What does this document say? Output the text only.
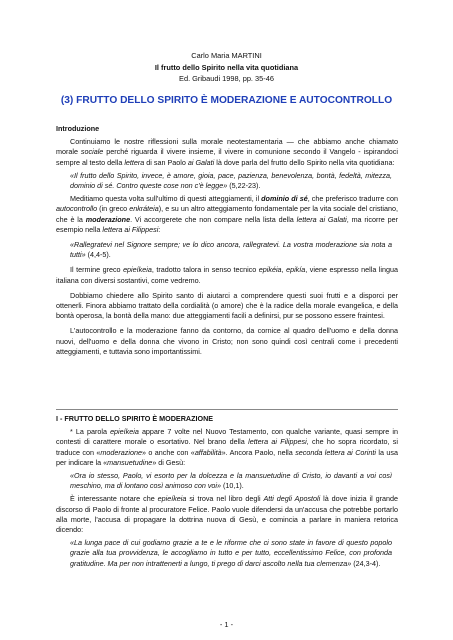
Carlo Maria MARTINI
Il frutto dello Spirito nella vita quotidiana
Ed. Gribaudi 1998, pp. 35-46
(3) FRUTTO DELLO SPIRITO È MODERAZIONE E AUTOCONTROLLO
Introduzione

Continuiamo le nostre riflessioni sulla morale neotestamentaria — che abbiamo anche chiamato morale sociale perché riguarda il vivere insieme, il vivere in comunione secondo il Vangelo - ispirandoci sempre al testo della lettera di san Paolo ai Galati là dove parla del frutto dello Spirito nella vita quotidiana:

«Il frutto dello Spirito, invece, è amore, gioia, pace, pazienza, benevolenza, bontà, fedeltà, mitezza, dominio di sé. Contro queste cose non c'è legge» (5,22-23).

Meditiamo questa volta sull'ultimo di questi atteggiamenti, il dominio di sé, che preferisco tradurre con autocontrollo (in greco enkráteia), e su un altro atteggiamento fondamentale per la vita sociale del cristiano, che è la moderazione. Vi accorgerete che non compare nella lista della lettera ai Galati, ma ricorre per esempio nella lettera ai Filippesi:

«Rallegratevi nel Signore sempre; ve lo dico ancora, rallegratevi. La vostra moderazione sia nota a tutti» (4,4-5).

Il termine greco epieíkeia, tradotto talora in senso tecnico epikéia, epikía, viene espresso nella lingua italiana con diversi sostantivi, come vedremo.

Dobbiamo chiedere allo Spirito santo di aiutarci a comprendere questi suoi frutti e a disporci per ottenerli. Finora abbiamo trattato della cordialità (o amore) che è la radice della morale evangelica, e della bontà operosa, la bontà della mano: due atteggiamenti facili a definirsi, pur se possono essere fraintesi.

L'autocontrollo e la moderazione fanno da contorno, da cornice al quadro dell'uomo e della donna nuovi, dell'uomo e della donna che vivono in Cristo; non sono quindi così centrali come i precedenti atteggiamenti, e tuttavia sono importantissimi.

I - FRUTTO DELLO SPIRITO È MODERAZIONE

* La parola epieíkeia appare 7 volte nel Nuovo Testamento, con qualche variante, quasi sempre in contesti di carattere morale o esortativo. Nel brano della lettera ai Filippesi, che ho sopra ricordato, si traduce con «moderazione» o anche con «affabilità». Ancora Paolo, nella seconda lettera ai Corinti la usa per indicare la «mansuetudine» di Gesù:

«Ora io stesso, Paolo, vi esorto per la dolcezza e la mansuetudine di Cristo, io davanti a voi così meschino, ma di lontano così animoso con voi» (10,1).

È interessante notare che epieíkeia si trova nel libro degli Atti degli Apostoli là dove inizia il grande discorso di Paolo di fronte al procuratore Felice. Paolo vuole difendersi da un'accusa che potrebbe portarlo alla morte, l'accusa di propagare la dottrina nuova di Gesù, e comincia a parlare in maniera retorica dicendo:

«La lunga pace di cui godiamo grazie a te e le riforme che ci sono state in favore di questo popolo grazie alla tua provvidenza, le accogliamo in tutto e per tutto, eccellentissimo Felice, con profonda gratitudine. Ma per non intrattenerti a lungo, ti prego di darci ascolto nella tua clemenza» (24,3-4).

- 1 -
